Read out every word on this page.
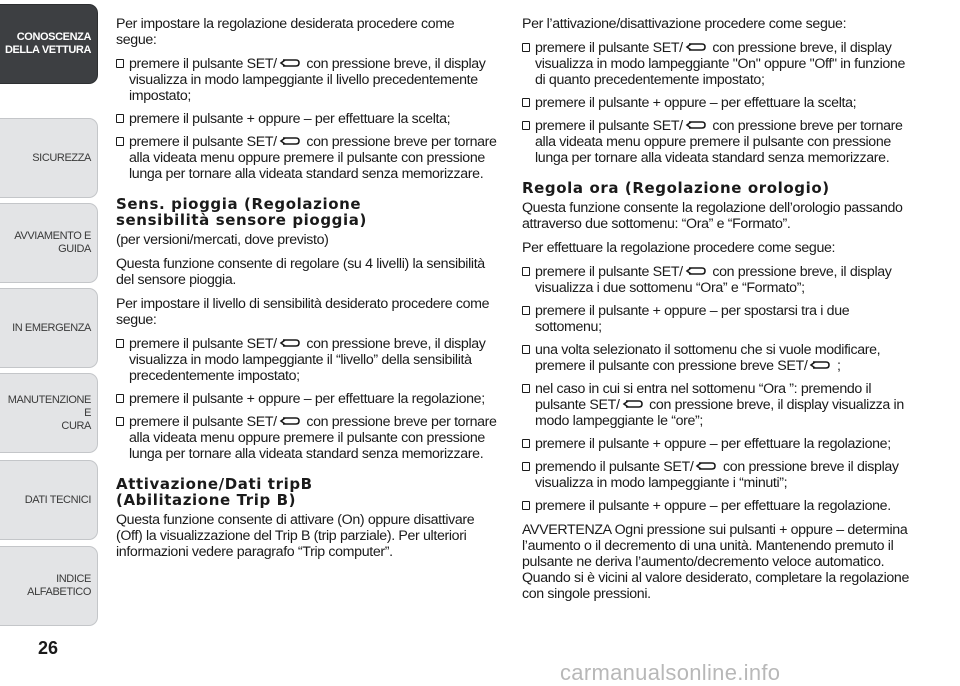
CONOSCENZA
DELLA VETTURA
SICUREZZA
AVVIAMENTO E
GUIDA
IN EMERGENZA
MANUTENZIONE E
CURA
DATI TECNICI
INDICE ALFABETICO
26

Per impostare la regolazione desiderata procedere come segue:

premere il pulsante SET/ con pressione breve, il display visualizza in modo lampeggiante il livello precedentemente impostato;
premere il pulsante + oppure – per effettuare la scelta;
premere il pulsante SET/ con pressione breve per tornare alla videata menu oppure premere il pulsante con pressione lunga per tornare alla videata standard senza memorizzare.
Sens. pioggia (Regolazione
sensibilità sensore pioggia)

(per versioni/mercati, dove previsto)

Questa funzione consente di regolare (su 4 livelli) la sensibilità del sensore pioggia.

Per impostare il livello di sensibilità desiderato procedere come segue:

premere il pulsante SET/ con pressione breve, il display visualizza in modo lampeggiante il “livello” della sensibilità precedentemente impostato;
premere il pulsante + oppure – per effettuare la regolazione;
premere il pulsante SET/ con pressione breve per tornare alla videata menu oppure premere il pulsante con pressione lunga per tornare alla videata standard senza memorizzare.
Attivazione/Dati tripB
(Abilitazione Trip B)

Questa funzione consente di attivare (On) oppure disattivare (Off) la visualizzazione del Trip B (trip parziale). Per ulteriori informazioni vedere paragrafo “Trip computer”.

Per l’attivazione/disattivazione procedere come segue:

premere il pulsante SET/ con pressione breve, il display visualizza in modo lampeggiante "On" oppure "Off" in funzione di quanto precedentemente impostato;
premere il pulsante + oppure – per effettuare la scelta;
premere il pulsante SET/ con pressione breve per tornare alla videata menu oppure premere il pulsante con pressione lunga per tornare alla videata standard senza memorizzare.
Regola ora (Regolazione orologio)

Questa funzione consente la regolazione dell’orologio passando attraverso due sottomenu: “Ora” e “Formato”.

Per effettuare la regolazione procedere come segue:

premere il pulsante SET/ con pressione breve, il display visualizza i due sottomenu “Ora” e “Formato”;
premere il pulsante + oppure – per spostarsi tra i due sottomenu;
una volta selezionato il sottomenu che si vuole modificare, premere il pulsante con pressione breve SET/ ;
nel caso in cui si entra nel sottomenu “Ora ”: premendo il pulsante SET/ con pressione breve, il display visualizza in modo lampeggiante le “ore”;
premere il pulsante + oppure – per effettuare la regolazione;
premendo il pulsante SET/ con pressione breve il display visualizza in modo lampeggiante i “minuti”;
premere il pulsante + oppure – per effettuare la regolazione.

AVVERTENZA Ogni pressione sui pulsanti + oppure – determina l’aumento o il decremento di una unità. Mantenendo premuto il pulsante ne deriva l’aumento/decremento veloce automatico. Quando si è vicini al valore desiderato, completare la regolazione con singole pressioni.

carmanualsonline.info
